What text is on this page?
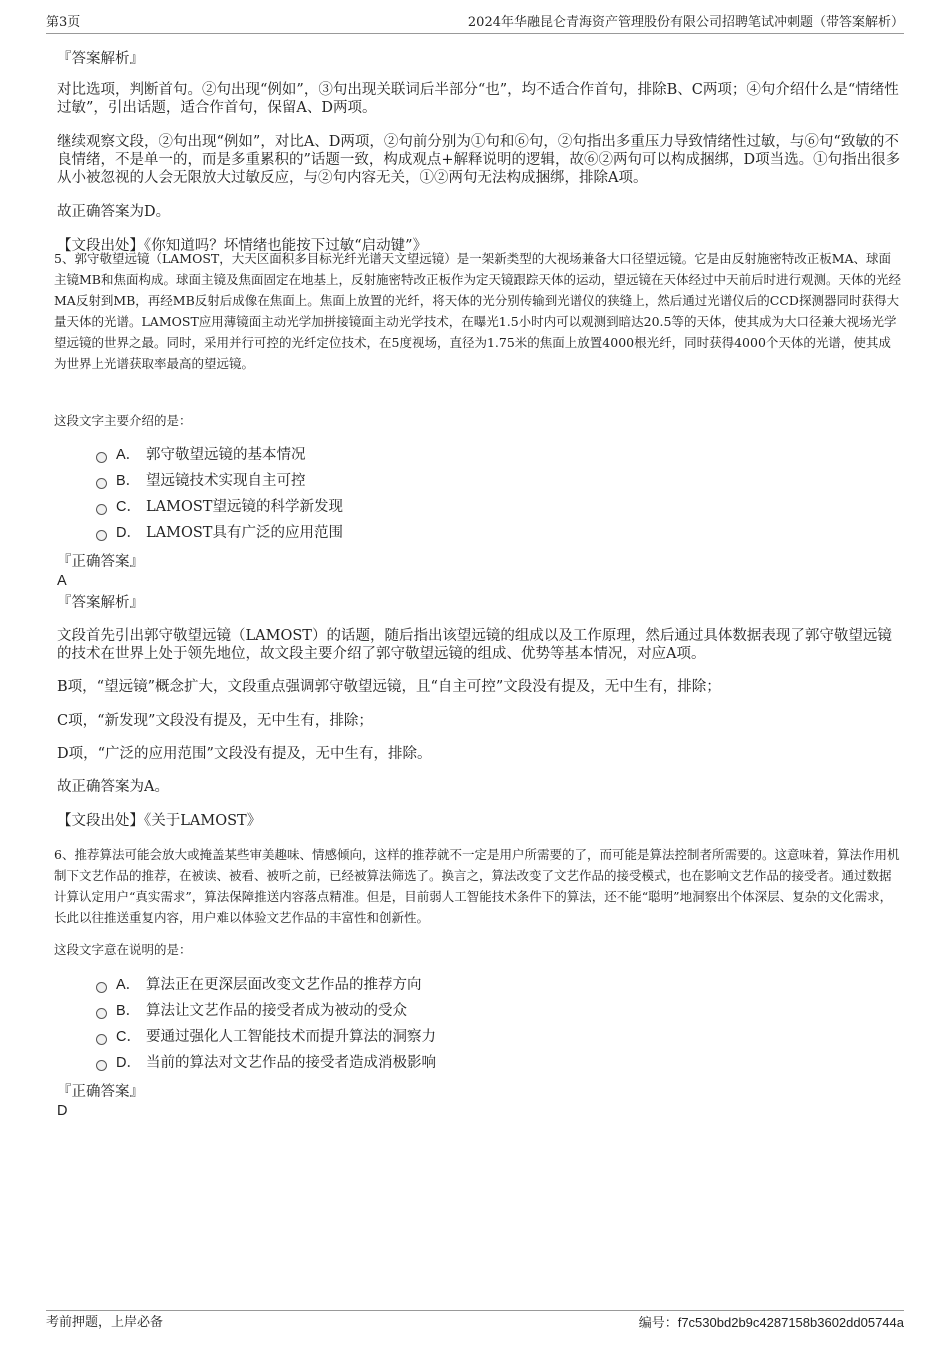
第3页	2024年华融昆仑青海资产管理股份有限公司招聘笔试冲刺题（带答案解析）
『答案解析』
对比选项，判断首句。②句出现“例如”，③句出现关联词后半部分“也”，均不适合作首句，排除B、C两项；④句介绍什么是“情绪性过敏”，引出话题，适合作首句，保留A、D两项。
继续观察文段，②句出现“例如”，对比A、D两项，②句前分别为①句和⑥句，②句指出多重压力导致情绪性过敏，与⑥句“致敏的不良情绪，不是单一的，而是多重累积的”话题一致，构成观点+解释说明的逻辑，故⑥②两句可以构成捆绑，D项当选。①句指出很多从小被忽视的人会无限放大过敏反应，与②句内容无关，①②两句无法构成捆绑，排除A项。
故正确答案为D。
【文段出处】《你知道吗？坏情绪也能按下过敏“启动键”》
5、郭守敬望远镜（LAMOST，大天区面积多目标光纤光谱天文望远镜）是一架新类型的大视场兼备大口径望远镜。它是由反射施密特改正板MA、球面主镜MB和焦面构成。球面主镜及焦面固定在地基上，反射施密特改正板作为定天镜跟踪天体的运动，望远镜在天体经过中天前后时进行观测。天体的光经MA反射到MB，再经MB反射后成像在焦面上。焦面上放置的光纤，将天体的光分别传输到光谱仪的狭缝上，然后通过光谱仪后的CCD探测器同时获得大量天体的光谱。LAMOST应用薄镜面主动光学加拼接镜面主动光学技术，在曝光1.5小时内可以观测到暗达20.5等的天体，使其成为大口径兼大视场光学望远镜的世界之最。同时，采用并行可控的光纤定位技术，在5度视场，直径为1.75米的焦面上放置4000根光纤，同时获得4000个天体的光谱，使其成为世界上光谱获取率最高的望远镜。
这段文字主要介绍的是：
A． 郭守敬望远镜的基本情况
B． 望远镜技术实现自主可控
C． LAMOST望远镜的科学新发现
D． LAMOST具有广泛的应用范围
『正确答案』
A
『答案解析』
文段首先引出郭守敬望远镜（LAMOST）的话题，随后指出该望远镜的组成以及工作原理，然后通过具体数据表现了郭守敬望远镜的技术在世界上处于领先地位，故文段主要介绍了郭守敬望远镜的组成、优势等基本情况，对应A项。
B项，“望远镜”概念扩大，文段重点强调郭守敬望远镜，且“自主可控”文段没有提及，无中生有，排除；
C项，“新发现”文段没有提及，无中生有，排除；
D项，“广泛的应用范围”文段没有提及，无中生有，排除。
故正确答案为A。
【文段出处】《关于LAMOST》
6、推荐算法可能会放大或掩盖某些审美趣味、情感倾向，这样的推荐就不一定是用户所需要的了，而可能是算法控制者所需要的。这意味着，算法作用机制下文艺作品的推荐，在被读、被看、被听之前，已经被算法筛选了。换言之，算法改变了文艺作品的接受模式，也在影响文艺作品的接受者。通过数据计算认定用户“真实需求”，算法保障推送内容落点精准。但是，目前弱人工智能技术条件下的算法，还不能“聪明”地洞察出个体深层、复杂的文化需求，长此以往推送重复内容，用户难以体验文艺作品的丰富性和创新性。
这段文字意在说明的是：
A． 算法正在更深层面改变文艺作品的推荐方向
B． 算法让文艺作品的接受者成为被动的受众
C． 要通过强化人工智能技术而提升算法的洞察力
D． 当前的算法对文艺作品的接受者造成消极影响
『正确答案』
D
考前押题，上岸必备	编号：f7c530bd2b9c4287158b3602dd05744a
